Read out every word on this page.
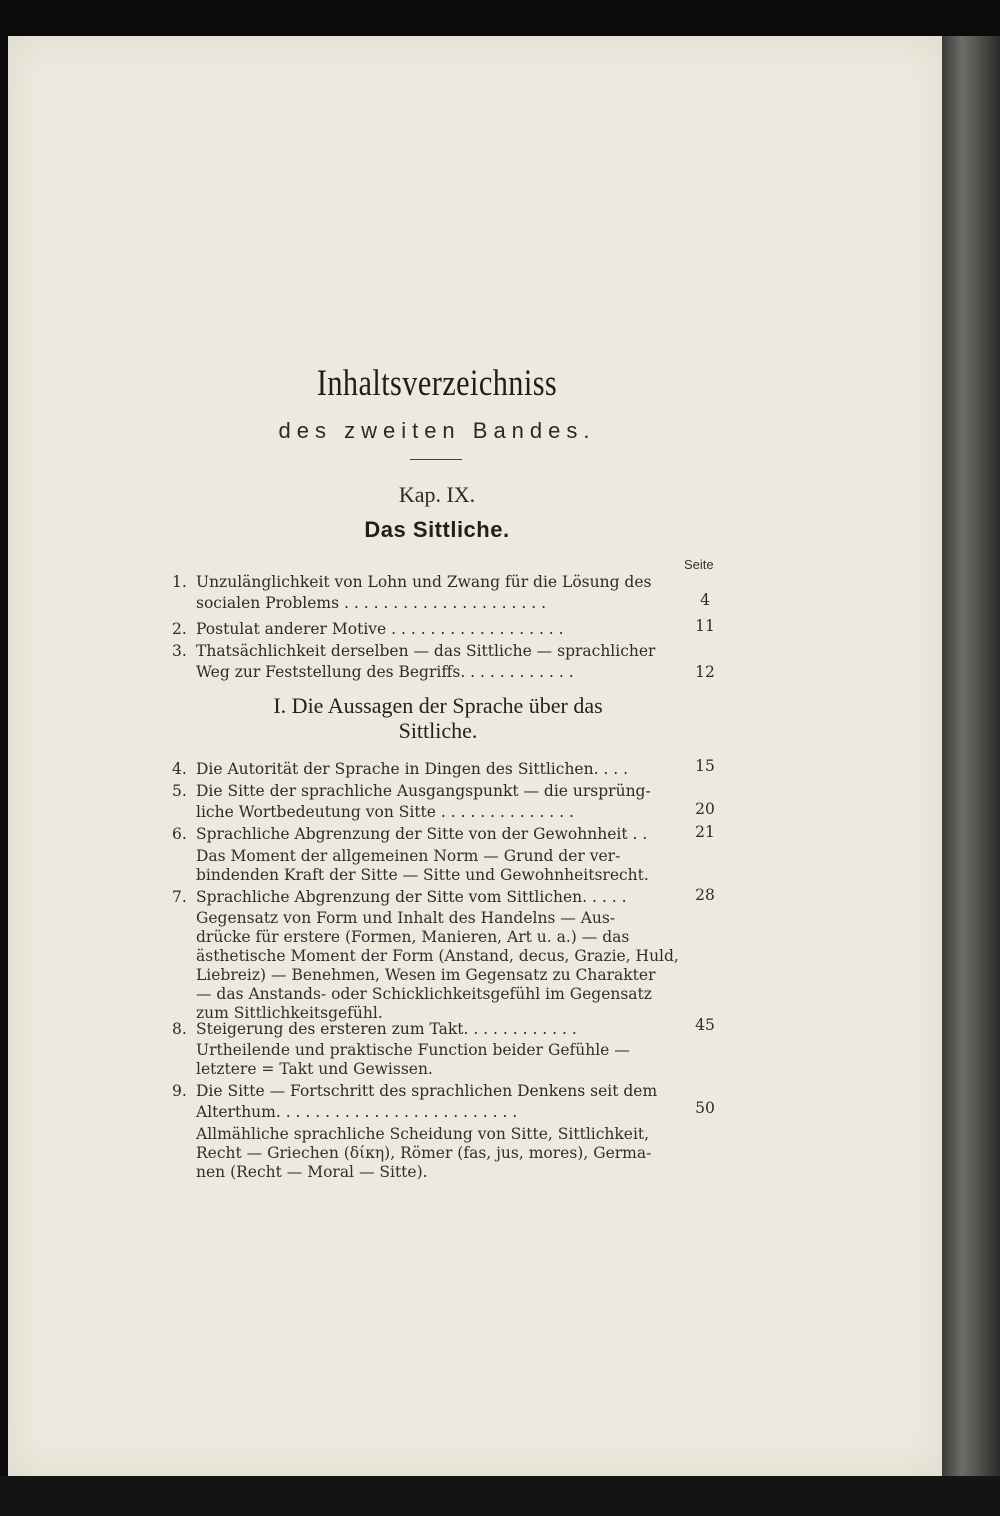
Inhaltsverzeichniss
des zweiten Bandes.
Kap. IX.
Das Sittliche.
Seite
1. Unzulänglichkeit von Lohn und Zwang für die Lösung des
socialen Problems . . . . . . . . . . . . . . . . . . . . .	4
2. Postulat anderer Motive . . . . . . . . . . . . . . . . . .	11
3. Thatsächlichkeit derselben — das Sittliche — sprachlicher
Weg zur Feststellung des Begriffs. . . . . . . . . . . .	12
I. Die Aussagen der Sprache über das
Sittliche.
4. Die Autorität der Sprache in Dingen des Sittlichen. . . .	15
5. Die Sitte der sprachliche Ausgangspunkt — die ursprüng-
liche Wortbedeutung von Sitte . . . . . . . . . . . . . .	20
6. Sprachliche Abgrenzung der Sitte von der Gewohnheit . .	21
Das Moment der allgemeinen Norm — Grund der ver-
bindenden Kraft der Sitte — Sitte und Gewohnheitsrecht.
7. Sprachliche Abgrenzung der Sitte vom Sittlichen. . . . .	28
Gegensatz von Form und Inhalt des Handelns — Aus-
drücke für erstere (Formen, Manieren, Art u. a.) — das
ästhetische Moment der Form (Anstand, decus, Grazie, Huld,
Liebreiz) — Benehmen, Wesen im Gegensatz zu Charakter
— das Anstands- oder Schicklichkeitsgefühl im Gegensatz
zum Sittlichkeitsgefühl.
8. Steigerung des ersteren zum Takt. . . . . . . . . . . .	45
Urtheilende und praktische Function beider Gefühle —
letztere = Takt und Gewissen.
9. Die Sitte — Fortschritt des sprachlichen Denkens seit dem
Alterthum. . . . . . . . . . . . . . . . . . . . . . . . .	50
Allmähliche sprachliche Scheidung von Sitte, Sittlichkeit,
Recht — Griechen (δίκη), Römer (fas, jus, mores), Germa-
nen (Recht — Moral — Sitte).
